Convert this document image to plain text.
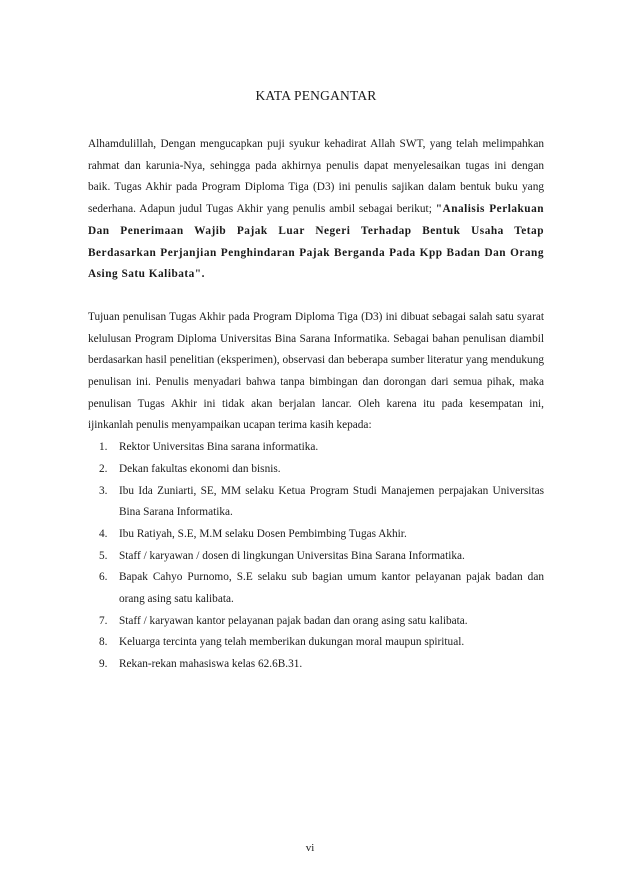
KATA PENGANTAR

Alhamdulillah, Dengan mengucapkan puji syukur kehadirat Allah SWT, yang telah melimpahkan rahmat dan karunia-Nya, sehingga pada akhirnya penulis dapat menyelesaikan tugas ini dengan baik. Tugas Akhir pada Program Diploma Tiga (D3) ini penulis sajikan dalam bentuk buku yang sederhana. Adapun judul Tugas Akhir yang penulis ambil sebagai berikut; "Analisis Perlakuan Dan Penerimaan Wajib Pajak Luar Negeri Terhadap Bentuk Usaha Tetap Berdasarkan Perjanjian Penghindaran Pajak Berganda Pada Kpp Badan Dan Orang Asing Satu Kalibata".

Tujuan penulisan Tugas Akhir pada Program Diploma Tiga (D3) ini dibuat sebagai salah satu syarat kelulusan Program Diploma Universitas Bina Sarana Informatika. Sebagai bahan penulisan diambil berdasarkan hasil penelitian (eksperimen), observasi dan beberapa sumber literatur yang mendukung penulisan ini. Penulis menyadari bahwa tanpa bimbingan dan dorongan dari semua pihak, maka penulisan Tugas Akhir ini tidak akan berjalan lancar. Oleh karena itu pada kesempatan ini, ijinkanlah penulis menyampaikan ucapan terima kasih kepada:

1. Rektor Universitas Bina sarana informatika.
2. Dekan fakultas ekonomi dan bisnis.
3. Ibu Ida Zuniarti, SE, MM selaku Ketua Program Studi Manajemen perpajakan Universitas Bina Sarana Informatika.
4. Ibu Ratiyah, S.E, M.M selaku Dosen Pembimbing Tugas Akhir.
5. Staff / karyawan / dosen di lingkungan Universitas Bina Sarana Informatika.
6. Bapak Cahyo Purnomo, S.E selaku sub bagian umum kantor pelayanan pajak badan dan orang asing satu kalibata.
7. Staff / karyawan kantor pelayanan pajak badan dan orang asing satu kalibata.
8. Keluarga tercinta yang telah memberikan dukungan moral maupun spiritual.
9. Rekan-rekan mahasiswa kelas 62.6B.31.
vi
